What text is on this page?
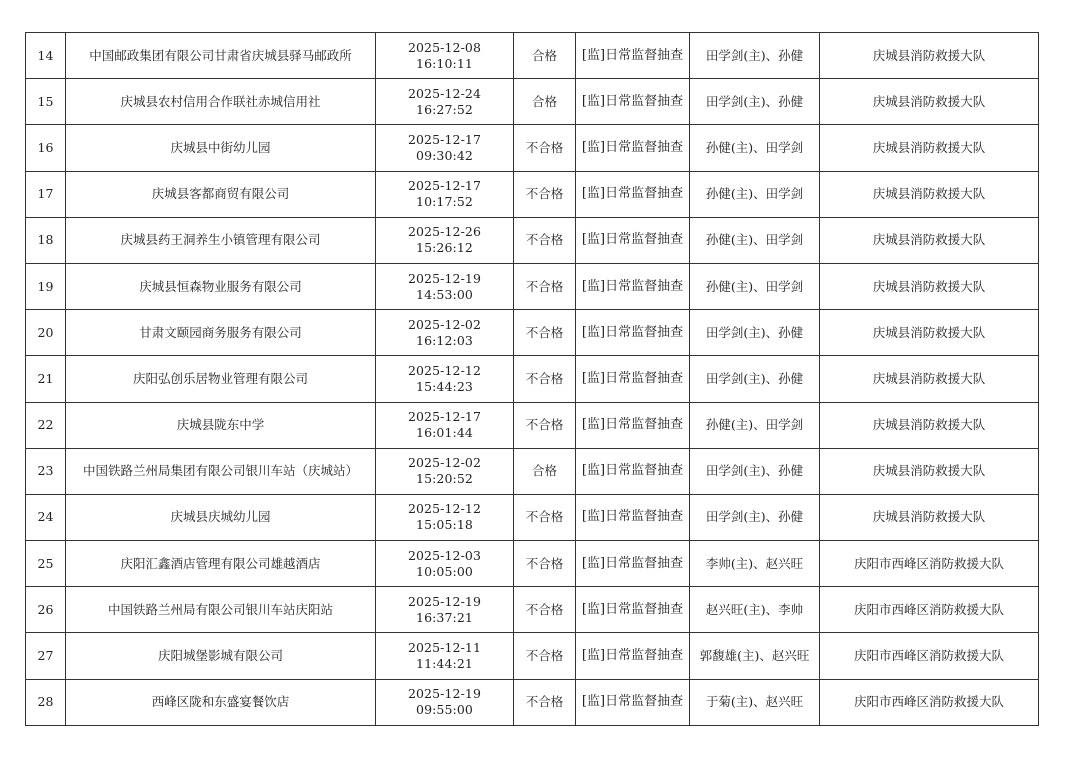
14	中国邮政集团有限公司甘肃省庆城县驿马邮政所	2025-12-08 16:10:11	合格	[监]日常监督抽查	田学剑(主)、孙健	庆城县消防救援大队
15	庆城县农村信用合作联社赤城信用社	2025-12-24 16:27:52	合格	[监]日常监督抽查	田学剑(主)、孙健	庆城县消防救援大队
16	庆城县中街幼儿园	2025-12-17 09:30:42	不合格	[监]日常监督抽查	孙健(主)、田学剑	庆城县消防救援大队
17	庆城县客都商贸有限公司	2025-12-17 10:17:52	不合格	[监]日常监督抽查	孙健(主)、田学剑	庆城县消防救援大队
18	庆城县药王洞养生小镇管理有限公司	2025-12-26 15:26:12	不合格	[监]日常监督抽查	孙健(主)、田学剑	庆城县消防救援大队
19	庆城县恒森物业服务有限公司	2025-12-19 14:53:00	不合格	[监]日常监督抽查	孙健(主)、田学剑	庆城县消防救援大队
20	甘肃文颐园商务服务有限公司	2025-12-02 16:12:03	不合格	[监]日常监督抽查	田学剑(主)、孙健	庆城县消防救援大队
21	庆阳弘创乐居物业管理有限公司	2025-12-12 15:44:23	不合格	[监]日常监督抽查	田学剑(主)、孙健	庆城县消防救援大队
22	庆城县陇东中学	2025-12-17 16:01:44	不合格	[监]日常监督抽查	孙健(主)、田学剑	庆城县消防救援大队
23	中国铁路兰州局集团有限公司银川车站（庆城站）	2025-12-02 15:20:52	合格	[监]日常监督抽查	田学剑(主)、孙健	庆城县消防救援大队
24	庆城县庆城幼儿园	2025-12-12 15:05:18	不合格	[监]日常监督抽查	田学剑(主)、孙健	庆城县消防救援大队
25	庆阳汇鑫酒店管理有限公司雄越酒店	2025-12-03 10:05:00	不合格	[监]日常监督抽查	李帅(主)、赵兴旺	庆阳市西峰区消防救援大队
26	中国铁路兰州局有限公司银川车站庆阳站	2025-12-19 16:37:21	不合格	[监]日常监督抽查	赵兴旺(主)、李帅	庆阳市西峰区消防救援大队
27	庆阳城堡影城有限公司	2025-12-11 11:44:21	不合格	[监]日常监督抽查	郭馥雄(主)、赵兴旺	庆阳市西峰区消防救援大队
28	西峰区陇和东盛宴餐饮店	2025-12-19 09:55:00	不合格	[监]日常监督抽查	于菊(主)、赵兴旺	庆阳市西峰区消防救援大队
